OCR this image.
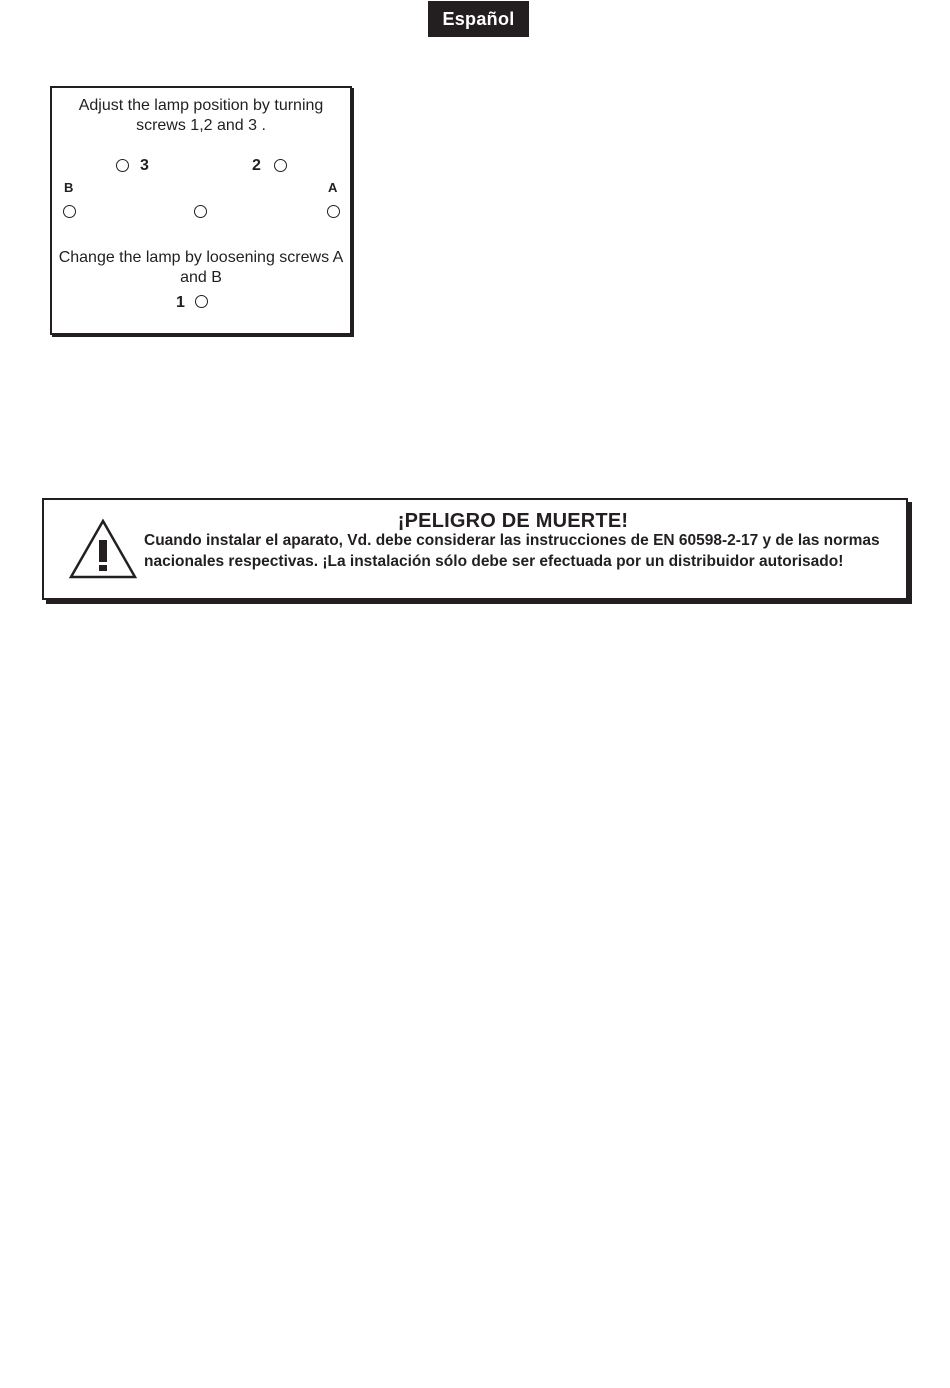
Español
Adjust the lamp position by turning screws 1,2 and 3 .
3	2
B	A
Change the lamp by loosening screws A and B
1
¡PELIGRO DE MUERTE!
Cuando instalar el aparato, Vd. debe considerar las instrucciones de EN 60598-2-17 y de las normas nacionales respectivas. ¡La instalación sólo debe ser efectuada por un distribuidor autorisado!
